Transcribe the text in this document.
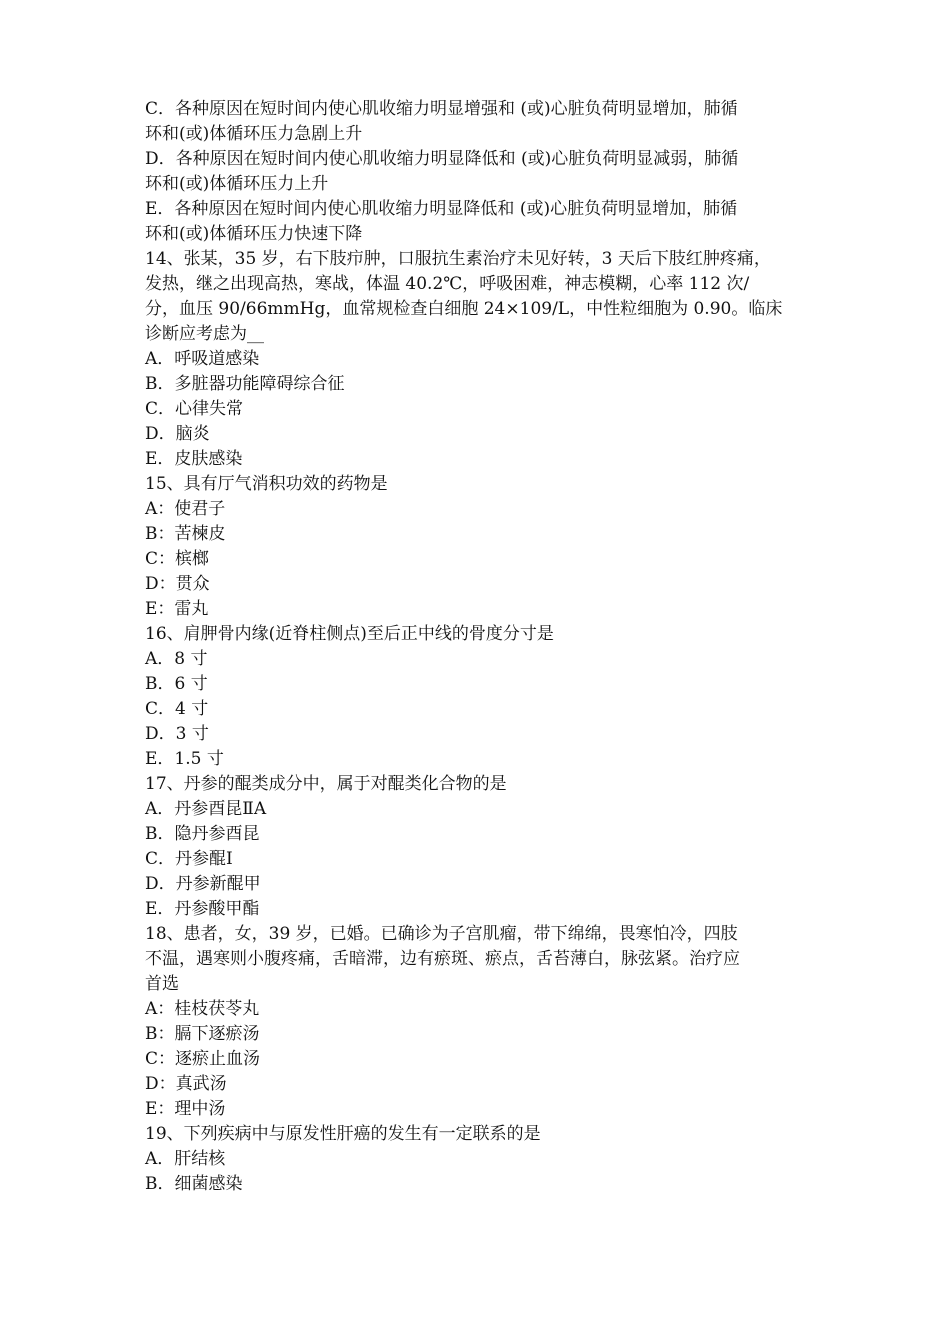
C．各种原因在短时间内使心肌收缩力明显增强和 (或)心脏负荷明显增加，肺循
环和(或)体循环压力急剧上升
D．各种原因在短时间内使心肌收缩力明显降低和 (或)心脏负荷明显减弱，肺循
环和(或)体循环压力上升
E．各种原因在短时间内使心肌收缩力明显降低和 (或)心脏负荷明显增加，肺循
环和(或)体循环压力快速下降
14、张某，35 岁，右下肢疖肿，口服抗生素治疗未见好转，3 天后下肢红肿疼痛，
发热，继之出现高热，寒战，体温 40.2℃，呼吸困难，神志模糊，心率 112 次/
分，血压 90/66mmHg，血常规检查白细胞 24×109/L，中性粒细胞为 0.90。临床
诊断应考虑为__
A．呼吸道感染
B．多脏器功能障碍综合征
C．心律失常
D．脑炎
E．皮肤感染
15、具有厅气消积功效的药物是
A：使君子
B：苦楝皮
C：槟榔
D：贯众
E：雷丸
16、肩胛骨内缘(近脊柱侧点)至后正中线的骨度分寸是
A．8 寸
B．6 寸
C．4 寸
D．3 寸
E．1.5 寸
17、丹参的醌类成分中，属于对醌类化合物的是
A．丹参酉昆ⅡA
B．隐丹参酉昆
C．丹参醌Ⅰ
D．丹参新醌甲
E．丹参酸甲酯
18、患者，女，39 岁，已婚。已确诊为子宫肌瘤，带下绵绵，畏寒怕冷，四肢
不温，遇寒则小腹疼痛，舌暗滞，边有瘀斑、瘀点，舌苔薄白，脉弦紧。治疗应
首选
A：桂枝茯苓丸
B：膈下逐瘀汤
C：逐瘀止血汤
D：真武汤
E：理中汤
19、下列疾病中与原发性肝癌的发生有一定联系的是
A．肝结核
B．细菌感染
